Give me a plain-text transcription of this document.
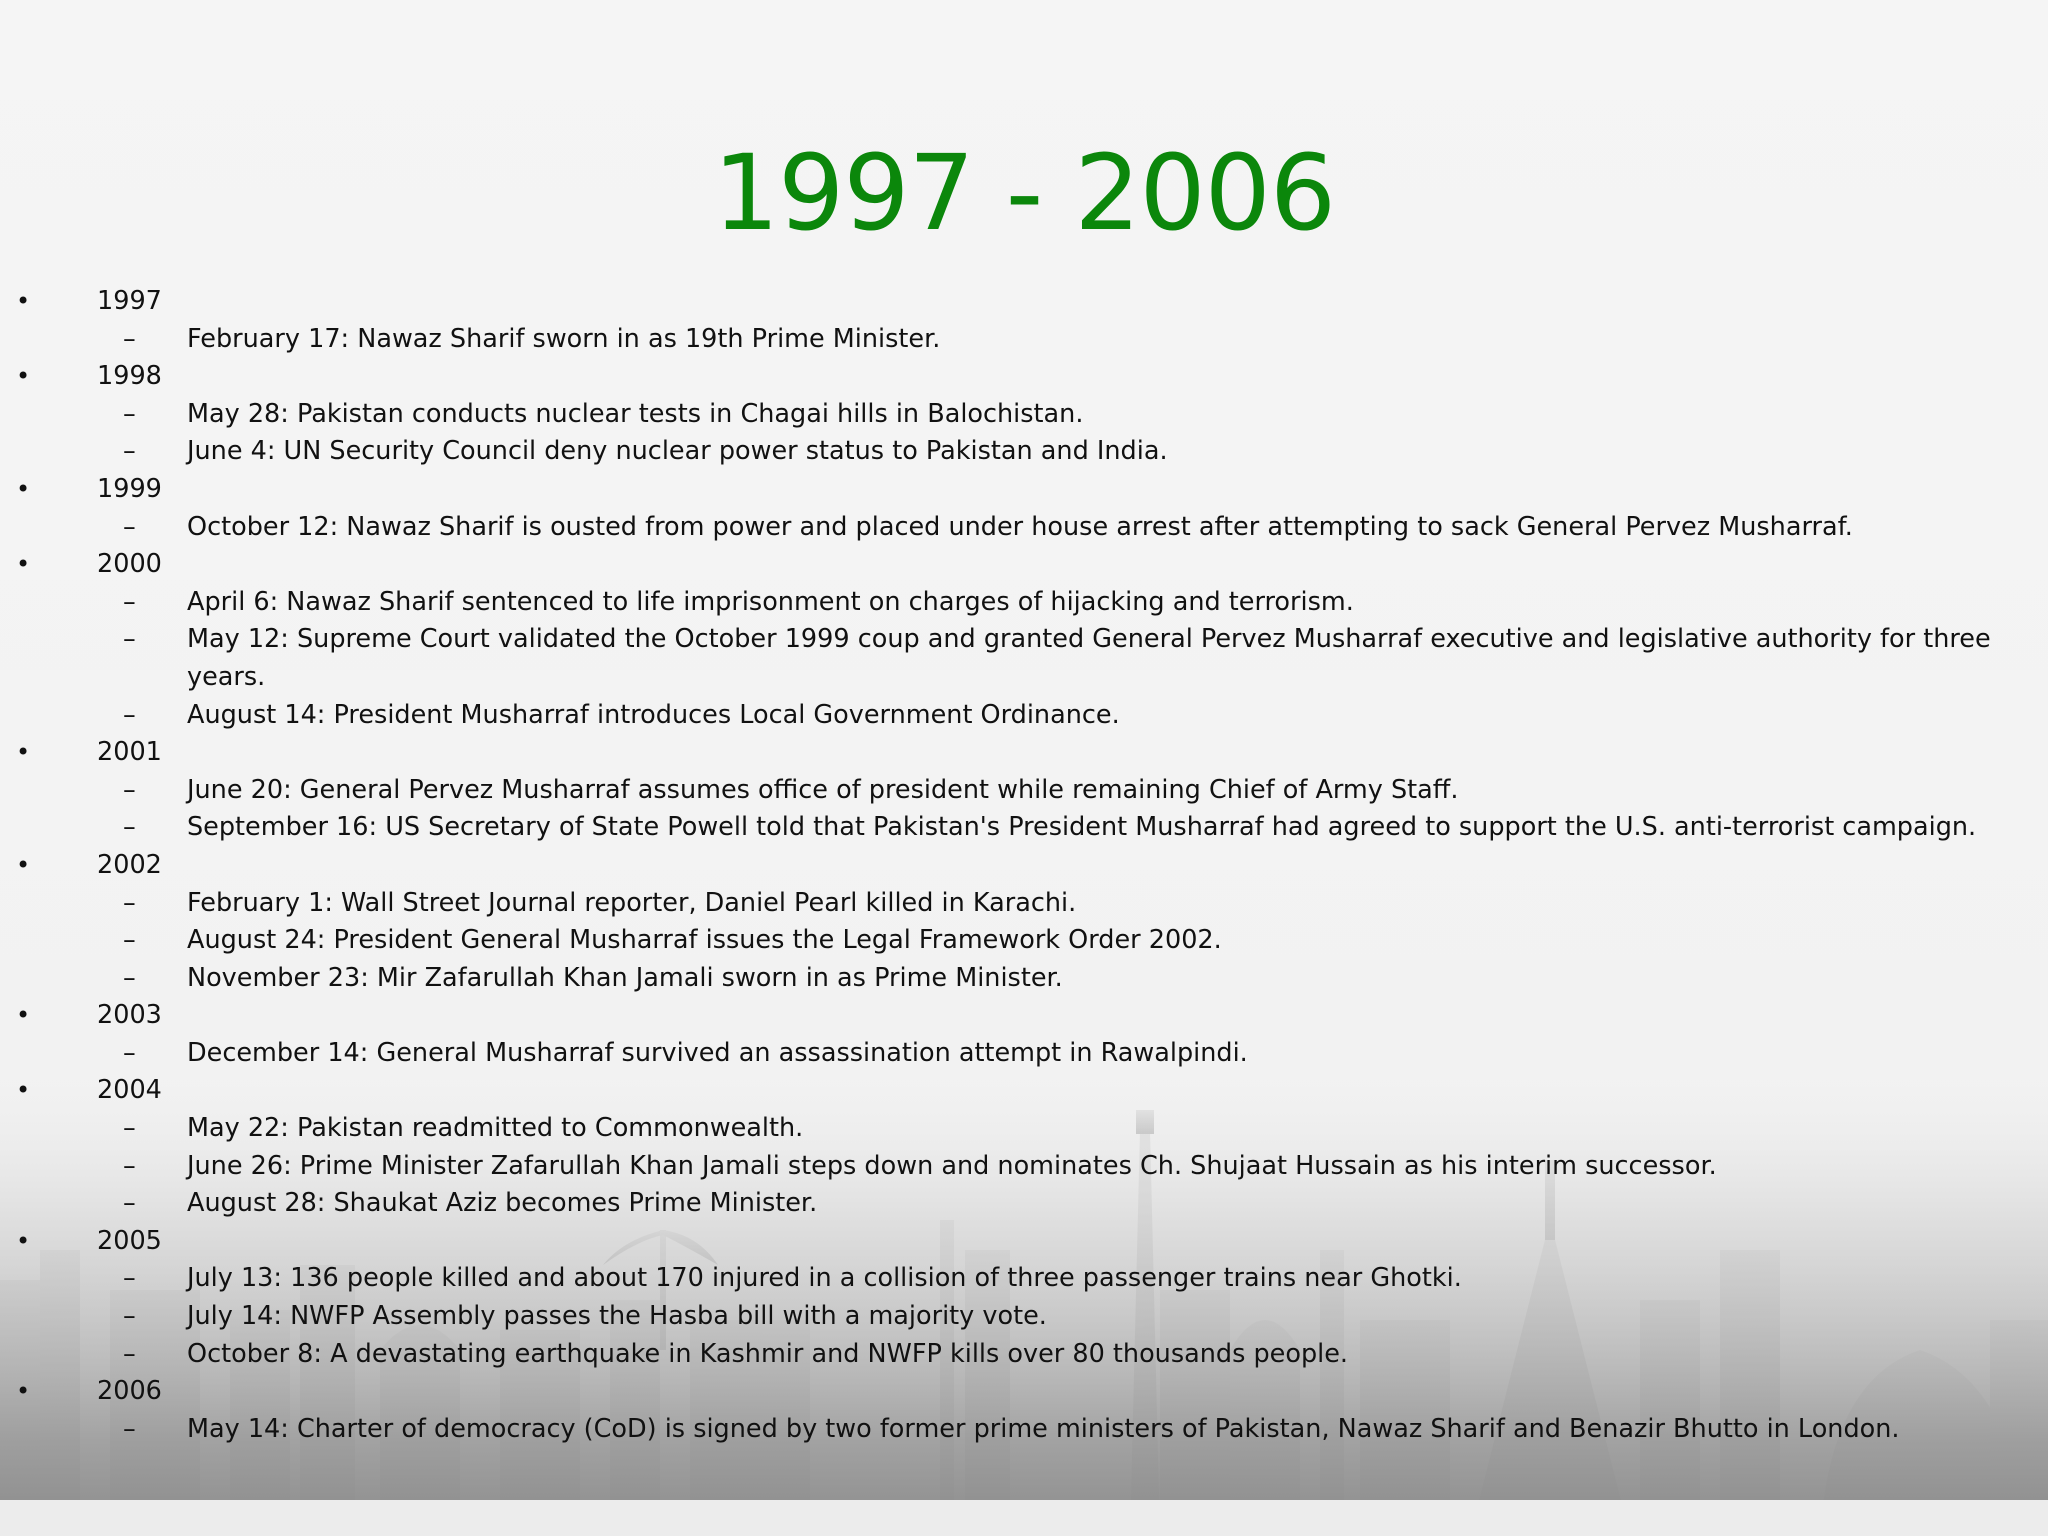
1997 - 2006
•	1997
– February 17: Nawaz Sharif sworn in as 19th Prime Minister.
•	1998
– May 28: Pakistan conducts nuclear tests in Chagai hills in Balochistan.
– June 4: UN Security Council deny nuclear power status to Pakistan and India.
•	1999
– October 12: Nawaz Sharif is ousted from power and placed under house arrest after attempting to sack General Pervez Musharraf.
•	2000
– April 6: Nawaz Sharif sentenced to life imprisonment on charges of hijacking and terrorism.
– May 12: Supreme Court validated the October 1999 coup and granted General Pervez Musharraf executive and legislative authority for three years.
– August 14: President Musharraf introduces Local Government Ordinance.
•	2001
– June 20: General Pervez Musharraf assumes office of president while remaining Chief of Army Staff.
– September 16: US Secretary of State Powell told that Pakistan's President Musharraf had agreed to support the U.S. anti-terrorist campaign.
•	2002
– February 1: Wall Street Journal reporter, Daniel Pearl killed in Karachi.
– August 24: President General Musharraf issues the Legal Framework Order 2002.
– November 23: Mir Zafarullah Khan Jamali sworn in as Prime Minister.
•	2003
– December 14: General Musharraf survived an assassination attempt in Rawalpindi.
•	2004
– May 22: Pakistan readmitted to Commonwealth.
– June 26: Prime Minister Zafarullah Khan Jamali steps down and nominates Ch. Shujaat Hussain as his interim successor.
– August 28: Shaukat Aziz becomes Prime Minister.
•	2005
– July 13: 136 people killed and about 170 injured in a collision of three passenger trains near Ghotki.
– July 14: NWFP Assembly passes the Hasba bill with a majority vote.
– October 8: A devastating earthquake in Kashmir and NWFP kills over 80 thousands people.
•	2006
– May 14: Charter of democracy (CoD) is signed by two former prime ministers of Pakistan, Nawaz Sharif and Benazir Bhutto in London.
